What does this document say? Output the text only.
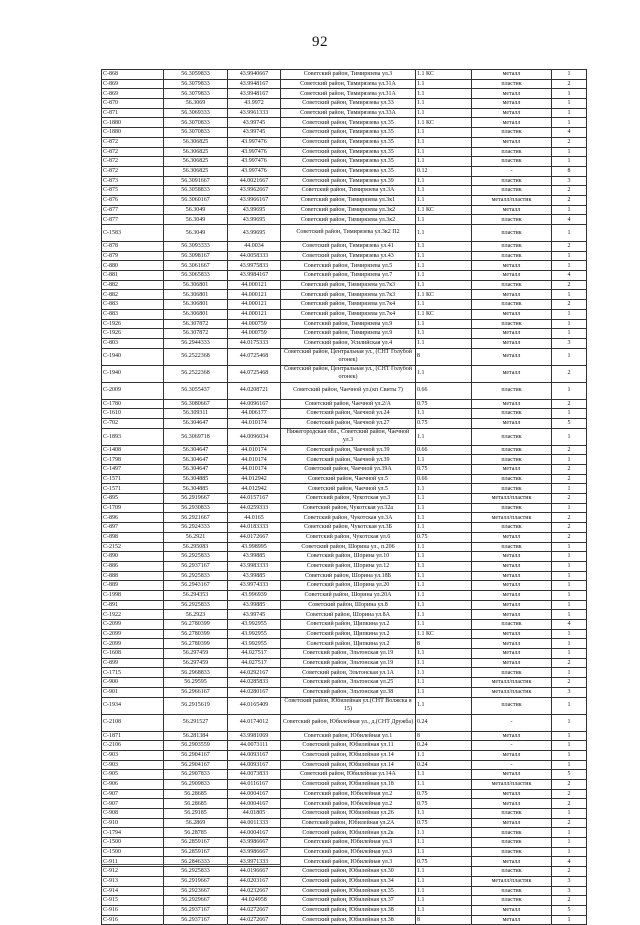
92
С-868	56.3059833	43.9940667	Советский район, Тимирязева ул.3	1.1 КС	металл	1
С-869	56.3079833	43.9948167	Советский район, Тимирязева ул.31А	1.1	пластик	2
С-869	56.3079833	43.9948167	Советский район, Тимирязева ул.31А	1.1	металл	1
С-870	56.3069	43.9972	Советский район, Тимирязева ул.33	1.1	металл	1
С-871	56.3069333	43.9961333	Советский район, Тимирязева ул.33А	1.1	металл	1
С-1880	56.3070833	43.99745	Советский район, Тимирязева ул.35	1.1 КС	металл	1
С-1880	56.3070833	43.99745	Советский район, Тимирязева ул.35	1.1	пластик	4
С-872	56.306825	43.997476	Советский район, Тимирязева ул.35	1.1	металл	2
С-872	56.306825	43.997476	Советский район, Тимирязева ул.35	1.1	пластик	1
С-872	56.306825	43.997476	Советский район, Тимирязева ул.35	1.1	пластик	1
С-872	56.306825	43.997476	Советский район, Тимирязева ул.35	0.12	-	8
С-873	56.3091667	44.0021667	Советский район, Тимирязева ул.39	1.1	пластик	3
С-875	56.3058833	43.9962667	Советский район, Тимирязева ул.3А	1.1	пластик	2
С-876	56.3060167	43.9966167	Советский район, Тимирязева ул.3к1	1.1	металл/пластик	2
С-877	56.3049	43.99695	Советский район, Тимирязева ул.3к2	1.1 КС	металл	1
С-877	56.3049	43.99695	Советский район, Тимирязева ул.3к2	1.1	пластик	4
С-1583	56.3049	43.99695	Советский район, Тимирязева ул.3к2 П2	1.1	пластик	1
С-878	56.3093333	44.0034	Советский район, Тимирязева ул.41	1.1	пластик	2
С-879	56.3098167	44.0058333	Советский район, Тимирязева ул.43	1.1	пластик	1
С-880	56.3061667	43.9975833	Советский район, Тимирязева ул.5	1.1	металл	1
С-881	56.3065833	43.9984167	Советский район, Тимирязева ул.7	1.1	металл	4
С-882	56.306801	44.000121	Советский район, Тимирязева ул.7к3	1.1	пластик	2
С-882	56.306801	44.000121	Советский район, Тимирязева ул.7к3	1.1 КС	металл	1
С-883	56.306801	44.000121	Советский район, Тимирязева ул.7к4	1.1	пластик	2
С-883	56.306801	44.000121	Советский район, Тимирязева ул.7к4	1.1 КС	металл	1
С-1926	56.307872	44.000759	Советский район, Тимирязева ул.9	1.1	пластик	1
С-1926	56.307872	44.000759	Советский район, Тимирязева ул.9	1.1	металл	1
С-803	56.2944333	44.0175333	Советский район, Усилийская ул.4	1.1	металл	3
С-1940	56.2522368	44.0725468	Советский район, Центральная ул., (СНТ Голубой огонек)	8	металл	1
С-1940	56.2522368	44.0725468	Советский район, Центральная ул., (СНТ Голубой огонек)	1.1	металл	2
С-2009	56.3055437	44.0208721	Советский район, Чаечной ул.(кп Свиты 7)	0.66	пластик	1
С-1780	56.3080667	44.0096167	Советский район, Чаечной ул.2/А	0.75	металл	2
С-1610	56.309311	44.006177	Советский район, Чаечной ул.24	1.1	пластик	1
С-702	56.304647	44.010174	Советский район, Чаечной ул.27	0.75	металл	5
С-1893	56.3069718	44.0096034	Нижегородская обл., Советский район, Чаечной ул.3	1.1	пластик	1
С-1408	56.304647	44.010174	Советский район, Чаечной ул.39	0.66	пластик	2
С-1798	56.304647	44.010174	Советский район, Чаечной ул.39	1.1	пластик	1
С-1497	56.304647	44.010174	Советский район, Чаечной ул.39А	0.75	металл	2
С-1571	56.304885	44.012942	Советский район, Чаечной ул.5	0.66	пластик	2
С-1571	56.304885	44.012942	Советский район, Чаечной ул.5	1.1	пластик	1
С-895	56.2919667	44.0157167	Советский район, Чукотская ул.3	1.1	металл/пластик	2
С-1709	56.2930833	44.0259333	Советский район, Чукотская ул.32а	1.1	пластик	1
С-896	56.2921667	44.0165	Советский район, Чукотская ул.3А	1.1	металл/пластик	2
С-897	56.2924333	44.0183333	Советский район, Чукотская ул.3Б	1.1	пластик	2
С-898	56.2921	44.0172667	Советский район, Чукотская ул.6	0.75	металл	2
С-2152	56.295083	43.998995	Советский район, Шорина ул., п.206	1.1	пластик	1
С-890	56.2925833	43.99885	Советский район, Шорина ул.10	1.1	металл	1
С-886	56.2937167	43.9983333	Советский район, Шорина ул.12	1.1	металл	1
С-888	56.2925833	43.99885	Советский район, Шорина ул.18Б	1.1	металл	1
С-889	56.2943167	43.9974333	Советский район, Шорина ул.20	1.1	металл	1
С-1998	56.294353	43.996939	Советский район, Шорина ул.20А	1.1	металл	1
С-891	56.2925833	43.99885	Советский район, Шорина ул.8	1.1	металл	1
С-1922	56.2923	43.99745	Советский район, Шорина ул.8А	1.1	металл	1
С-2099	56.2780399	43.992955	Советский район, Щипкина ул.2	1.1	пластик	4
С-2099	56.2780399	43.992955	Советский район, Щипкина ул.2	1.1 КС	металл	1
С-2099	56.2780399	43.992955	Советский район, Щипкина ул.2	8	металл	1
С-1608	56.297459	44.027517	Советский район, Эльтонская ул.19	1.1	металл	1
С-899	56.297459	44.027517	Советский район, Эльтонская ул.19	1.1	металл	2
С-1715	56.2968833	44.0292167	Советский район, Эльтонская ул.1А	1.1	пластик	1
С-900	56.29595	44.0285833	Советский район, Эльтонская ул.25	1.1	металл/пластик	2
С-901	56.2966167	44.0280167	Советский район, Эльтонская ул.38	1.1	металл/пластик	3
С-1934	56.2915619	44.0165409	Советский район, Юбилейная ул.(СНТ Волжска я 15)	1.1	пластик	1
С-2108	56.291527	44.0174012	Советский район, Юбилейная ул., д.(СНТ Дружба)	0.24	-	1
С-1871	56.281384	43.9981069	Советский район, Юбилейная ул.1	8	металл	1
С-2106	56.2903559	44.0073111	Советский район, Юбилейная ул.11	0.24	-	1
С-903	56.2904167	44.0093167	Советский район, Юбилейная ул.14	1.1	металл	1
С-903	56.2904167	44.0093167	Советский район, Юбилейная ул.14	0.24	-	1
С-905	56.2907833	44.0073833	Советский район, Юбилейная ул.14А	1.1	металл	5
С-906	56.2909833	44.0116167	Советский район, Юбилейная ул.18	1.1	металл/пластик	2
С-907	56.28685	44.0004167	Советский район, Юбилейная ул.2	0.75	металл	2
С-907	56.28685	44.0004167	Советский район, Юбилейная ул.2	0.75	металл	2
С-908	56.29185	44.01805	Советский район, Юбилейная ул.26	1.1	пластик	1
С-910	56.2869	44.0011333	Советский район, Юбилейная ул.2А	0.75	металл	2
С-1794	56.28785	44.0004167	Советский район, Юбилейная ул.2к	1.1	пластик	1
С-1500	56.2859167	43.9986667	Советский район, Юбилейная ул.3	1.1	пластик	1
С-1500	56.2859167	43.9986667	Советский район, Юбилейная ул.3	1.1	пластик	1
С-911	56.2846333	43.9971333	Советский район, Юбилейная ул.3	0.75	металл	4
С-912	56.2925833	44.0196667	Советский район, Юбилейная ул.30	1.1	пластик	2
С-913	56.2919667	44.0203167	Советский район, Юбилейная ул.34	1.1	металл/пластик	3
С-914	56.2923667	44.0232667	Советский район, Юбилейная ул.35	1.1	пластик	3
С-915	56.2929667	44.024958	Советский район, Юбилейная ул.37	1.1	пластик	2
С-916	56.2937167	44.0272667	Советский район, Юбилейная ул.38	1.1	металл	5
С-916	56.2937167	44.0272667	Советский район, Юбилейная ул.38	8	металл	1
